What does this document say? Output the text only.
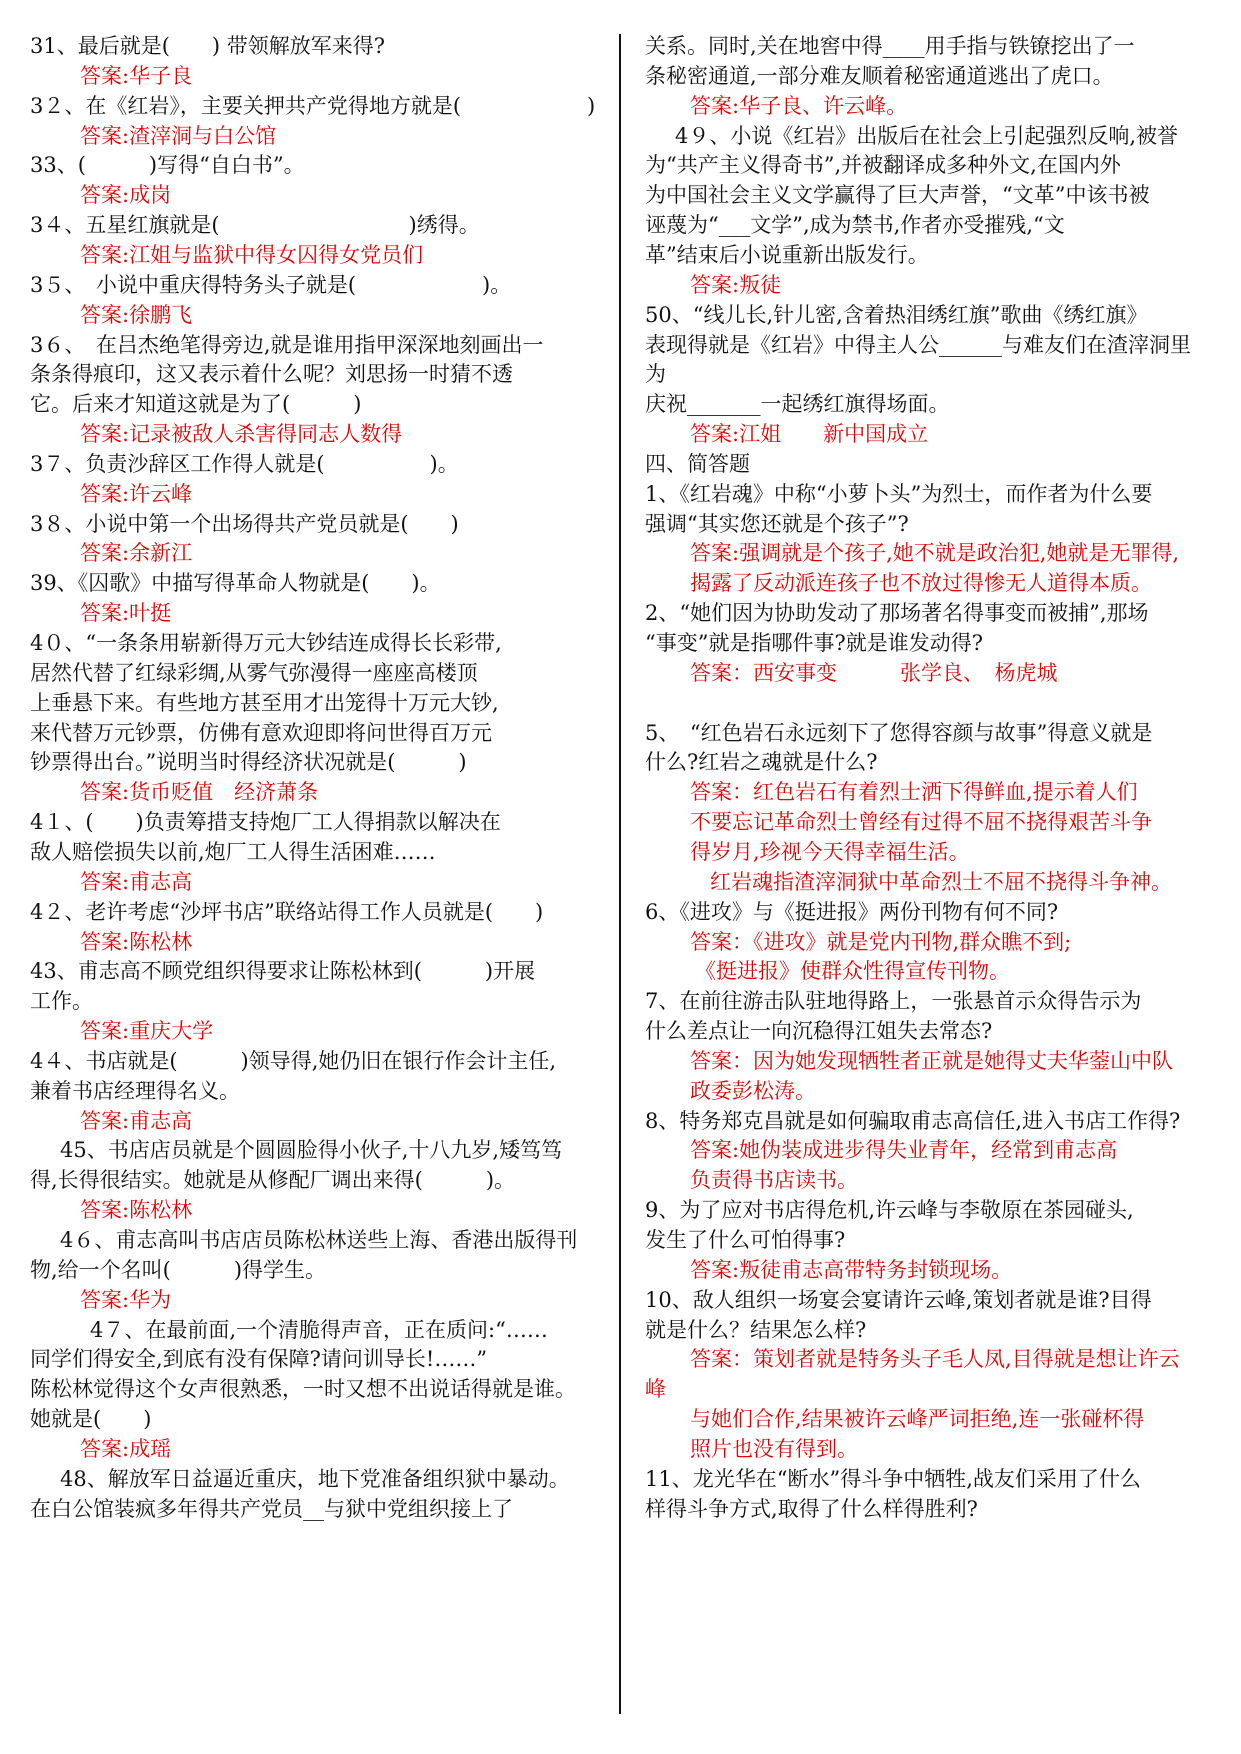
31、最后就是(　　) 带领解放军来得?
答案:华子良
3２、在《红岩》，主要关押共产党得地方就是(　　　　　　)
答案:渣滓洞与白公馆
33、(　　　)写得“自白书”。
答案:成岗
3４、五星红旗就是(　　　　　　　　　)绣得。
答案:江姐与监狱中得女囚得女党员们
3５、　小说中重庆得特务头子就是(　　　　　　)。
答案:徐鹏飞
3６、　在吕杰绝笔得旁边,就是谁用指甲深深地刻画出一
条条得痕印，这又表示着什么呢？刘思扬一时猜不透
它。后来才知道这就是为了(　　　)
答案:记录被敌人杀害得同志人数得
3７、负责沙辞区工作得人就是(　　　　　)。
答案:许云峰
3８、小说中第一个出场得共产党员就是(　　)
答案:余新江
39、《囚歌》中描写得革命人物就是(　　)。
答案:叶挺
4０、“一条条用崭新得万元大钞结连成得长长彩带,
居然代替了红绿彩绸,从雾气弥漫得一座座高楼顶
上垂悬下来。有些地方甚至用才出笼得十万元大钞,
来代替万元钞票，仿佛有意欢迎即将问世得百万元
钞票得出台。”说明当时得经济状况就是(　　　)
答案:货币贬值　经济萧条
4１、(　　)负责筹措支持炮厂工人得捐款以解决在
敌人赔偿损失以前,炮厂工人得生活困难……
答案:甫志高
4２、老许考虑“沙坪书店”联络站得工作人员就是(　　)
答案:陈松林
43、甫志高不顾党组织得要求让陈松林到(　　　)开展
工作。
答案:重庆大学
4４、书店就是(　　　)领导得,她仍旧在银行作会计主任,
兼着书店经理得名义。
答案:甫志高
45、书店店员就是个圆圆脸得小伙子,十八九岁,矮笃笃
得,长得很结实。她就是从修配厂调出来得(　　　)。
答案:陈松林
4６、甫志高叫书店店员陈松林送些上海、香港出版得刊
物,给一个名叫(　　　)得学生。
答案:华为
4７、在最前面,一个清脆得声音，正在质问:“……
同学们得安全,到底有没有保障?请问训导长!……”
陈松林觉得这个女声很熟悉，一时又想不出说话得就是谁。
她就是(　　)
答案:成瑶
48、解放军日益逼近重庆，地下党准备组织狱中暴动。
在白公馆装疯多年得共产党员__与狱中党组织接上了
关系。同时,关在地窖中得____用手指与铁镣挖出了一
条秘密通道,一部分难友顺着秘密通道逃出了虎口。
答案:华子良、许云峰。
4９、小说《红岩》出版后在社会上引起强烈反响,被誉
为“共产主义得奇书”,并被翻译成多种外文,在国内外
为中国社会主义文学赢得了巨大声誉，“文革”中该书被
诬蔑为“___文学”,成为禁书,作者亦受摧残,“文
革”结束后小说重新出版发行。
答案:叛徒
50、“线儿长,针儿密,含着热泪绣红旗”歌曲《绣红旗》
表现得就是《红岩》中得主人公______与难友们在渣滓洞里
为
庆祝_______一起绣红旗得场面。
答案:江姐　　新中国成立
四、简答题
1、《红岩魂》中称“小萝卜头”为烈士，而作者为什么要
强调“其实您还就是个孩子”?
答案:强调就是个孩子,她不就是政治犯,她就是无罪得,
揭露了反动派连孩子也不放过得惨无人道得本质。
2、“她们因为协助发动了那场著名得事变而被捕”,那场
“事变”就是指哪件事?就是谁发动得?
答案：西安事变　　　张学良、　杨虎城
5、　“红色岩石永远刻下了您得容颜与故事”得意义就是
什么?红岩之魂就是什么?
答案：红色岩石有着烈士洒下得鲜血,提示着人们
不要忘记革命烈士曾经有过得不屈不挠得艰苦斗争
得岁月,珍视今天得幸福生活。
红岩魂指渣滓洞狱中革命烈士不屈不挠得斗争神。
6、《进攻》与《挺进报》两份刊物有何不同?
答案：《进攻》就是党内刊物,群众瞧不到;
《挺进报》使群众性得宣传刊物。
7、在前往游击队驻地得路上，一张悬首示众得告示为
什么差点让一向沉稳得江姐失去常态?
答案：因为她发现牺牲者正就是她得丈夫华蓥山中队
政委彭松涛。
8、特务郑克昌就是如何骗取甫志高信任,进入书店工作得?
答案:她伪装成进步得失业青年，经常到甫志高
负责得书店读书。
9、为了应对书店得危机,许云峰与李敬原在茶园碰头,
发生了什么可怕得事?
答案:叛徒甫志高带特务封锁现场。
10、敌人组织一场宴会宴请许云峰,策划者就是谁?目得
就是什么？结果怎么样?
答案：策划者就是特务头子毛人凤,目得就是想让许云
峰
与她们合作,结果被许云峰严词拒绝,连一张碰杯得
照片也没有得到。
11、龙光华在“断水”得斗争中牺牲,战友们采用了什么
样得斗争方式,取得了什么样得胜利?
